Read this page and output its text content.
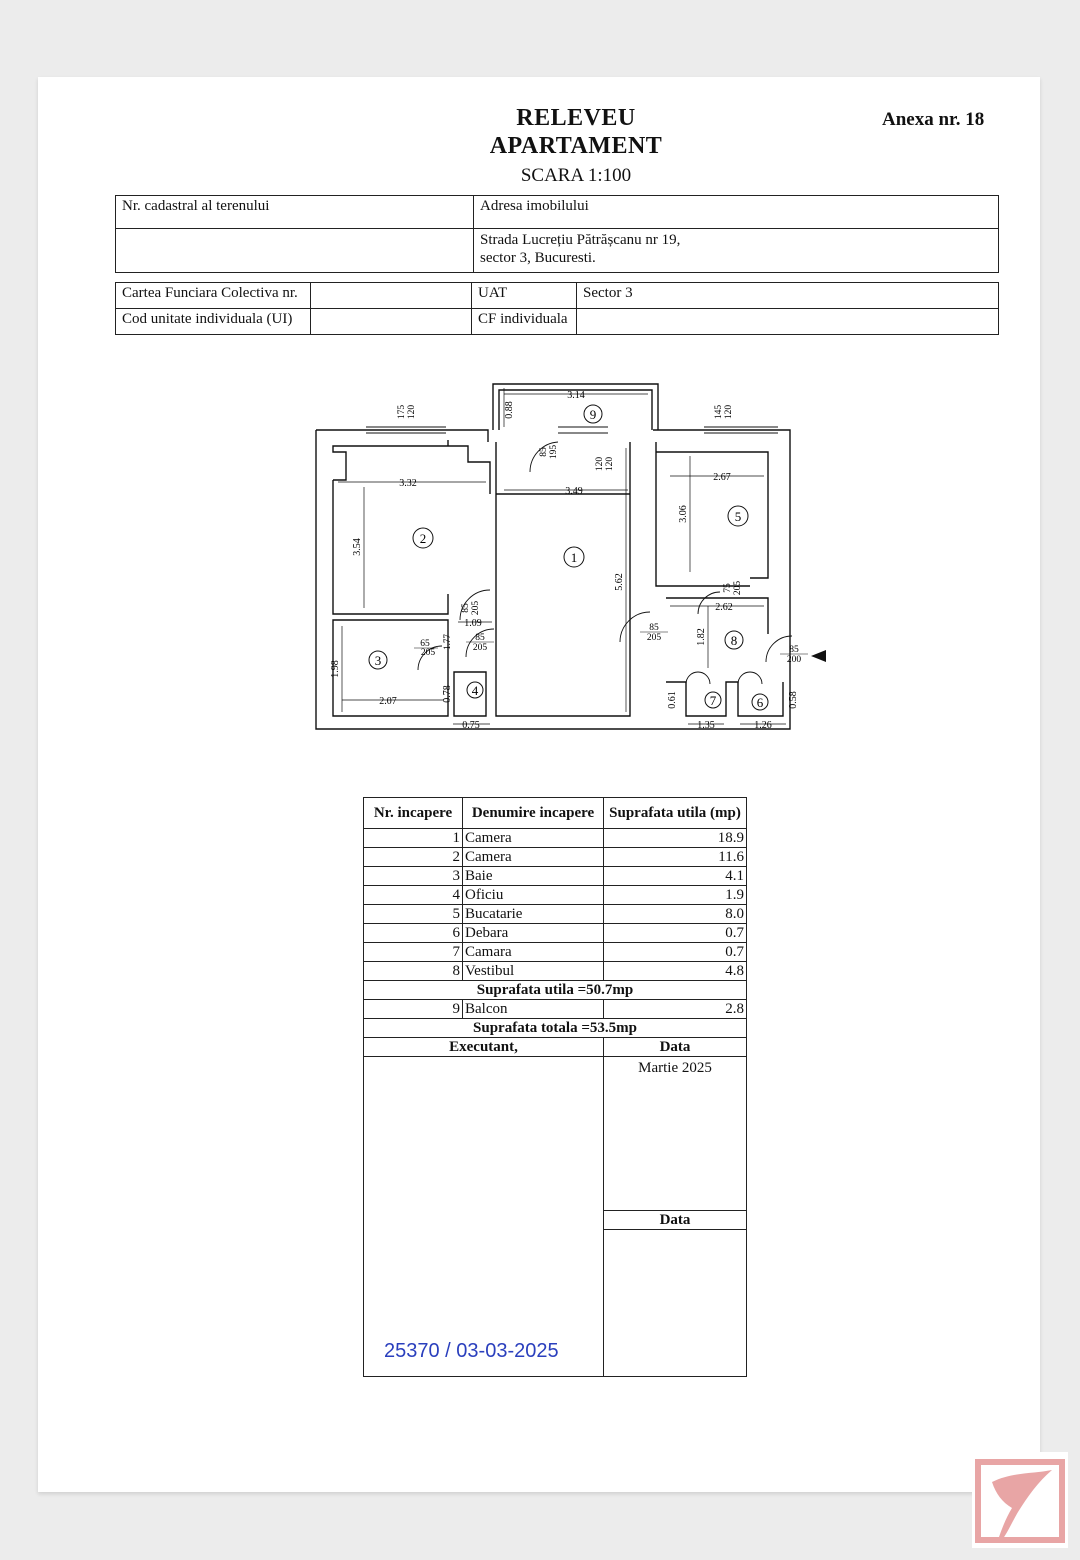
RELEVEU
APARTAMENT
SCARA 1:100
Anexa nr. 18
Nr. cadastral al terenului	Adresa imobilului

	Strada Lucrețiu Pătrășcanu nr 19,
sector 3, Bucuresti.
Cartea Funciara Colectiva nr.		UAT	Sector 3
Cod unitate individuala (UI)		CF individuala	
9
2
1
3
5
8
4
7	6
3.14
0.88
3.32
3.54
3.49
5.62
2.67
3.06
2.62
1.82
1.98
2.07
1.09
1.77
0.78
0.75
0.61
1.35
0.58
1.26
175 120	145 120
85 195
120 120
85 205
75 205
85
205
85
205
65
205	85
200
Nr. incapere	Denumire incapere	Suprafata utila (mp)
1	Camera	18.9
2	Camera	11.6
3	Baie	4.1
4	Oficiu	1.9
5	Bucatarie	8.0
6	Debara	0.7
7	Camara	0.7
8	Vestibul	4.8
Suprafata utila =50.7mp		
9	Balcon	2.8
Suprafata totala =53.5mp		
Executant,		Data
25370 / 03-03-2025		Martie 2025

		Data
